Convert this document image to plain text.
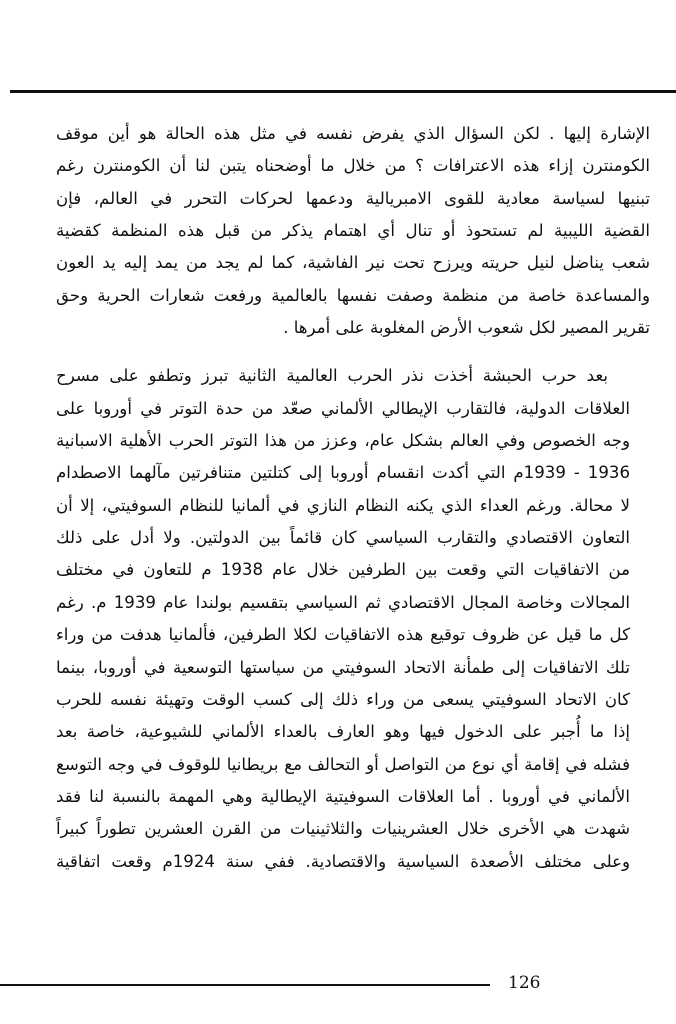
الإشارة إليها . لكن السؤال الذي يفرض نفسه في مثل هذه الحالة هو أين موقف
الكومنترن إزاء هذه الاعترافات ؟ من خلال ما أوضحناه يتبن لنا أن الكومنترن رغم
تبنيها لسياسة معادية للقوى الامبريالية ودعمها لحركات التحرر في العالم، فإن
القضية الليبية لم تستحوذ أو تنال أي اهتمام يذكر من قبل هذه المنظمة كقضية
شعب يناضل لنيل حريته ويرزح تحت نير الفاشية، كما لم يجد من يمد إليه يد العون
والمساعدة خاصة من منظمة وصفت نفسها بالعالمية ورفعت شعارات الحرية وحق
تقرير المصير لكل شعوب الأرض المغلوبة على أمرها .
بعد حرب الحبشة أخذت نذر الحرب العالمية الثانية تبرز وتطفو على مسرح
العلاقات الدولية، فالتقارب الإيطالي الألماني صعّد من حدة التوتر في أوروبا على
وجه الخصوص وفي العالم بشكل عام، وعزز من هذا التوتر الحرب الأهلية الاسبانية
1936 - 1939م التي أكدت انقسام أوروبا إلى كتلتين متنافرتين مآلهما الاصطدام
لا محالة. ورغم العداء الذي يكنه النظام النازي في ألمانيا للنظام السوفيتي، إلا أن
التعاون الاقتصادي والتقارب السياسي كان قائماً بين الدولتين. ولا أدل على ذلك
من الاتفاقيات التي وقعت بين الطرفين خلال عام 1938 م للتعاون في مختلف
المجالات وخاصة المجال الاقتصادي ثم السياسي بتقسيم بولندا عام 1939 م. رغم
كل ما قيل عن ظروف توقيع هذه الاتفاقيات لكلا الطرفين، فألمانيا هدفت من وراء
تلك الاتفاقيات إلى طمأنة الاتحاد السوفيتي من سياستها التوسعية في أوروبا، بينما
كان الاتحاد السوفيتي يسعى من وراء ذلك إلى كسب الوقت وتهيئة نفسه للحرب
إذا ما أُجبر على الدخول فيها وهو العارف بالعداء الألماني للشيوعية، خاصة بعد
فشله في إقامة أي نوع من التواصل أو التحالف مع بريطانيا للوقوف في وجه التوسع
الألماني في أوروبا . أما العلاقات السوفيتية الإيطالية وهي المهمة بالنسبة لنا فقد
شهدت هي الأخرى خلال العشرينيات والثلاثينيات من القرن العشرين تطوراً كبيراً
وعلى مختلف الأصعدة السياسية والاقتصادية. ففي سنة 1924م وقعت اتفاقية
126
